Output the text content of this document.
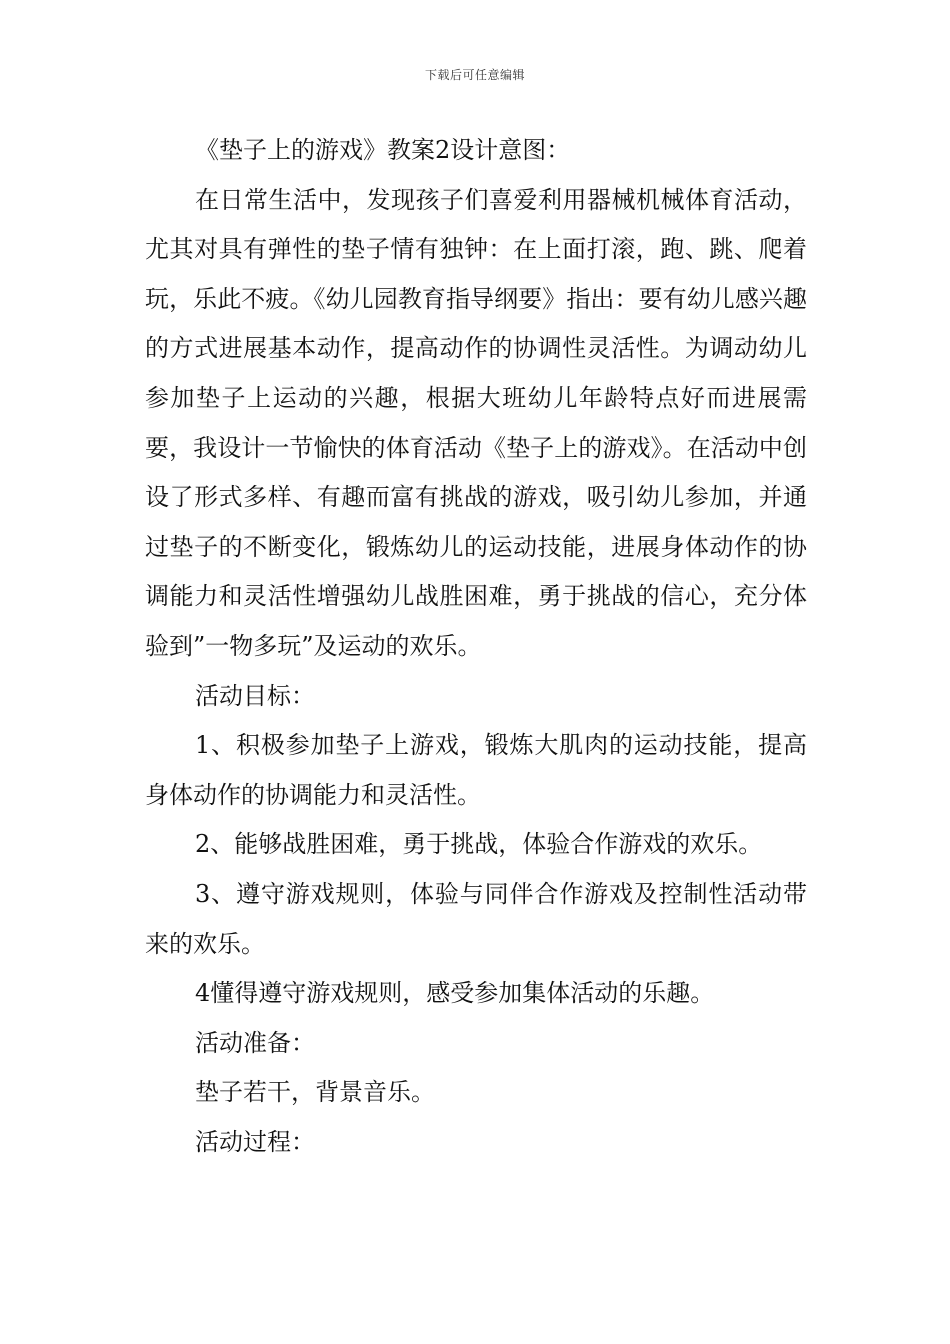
下载后可任意编辑

《垫子上的游戏》教案2设计意图：

在日常生活中，发现孩子们喜爱利用器械机械体育活动，尤其对具有弹性的垫子情有独钟：在上面打滚，跑、跳、爬着玩，乐此不疲。《幼儿园教育指导纲要》指出：要有幼儿感兴趣的方式进展基本动作，提高动作的协调性灵活性。为调动幼儿参加垫子上运动的兴趣，根据大班幼儿年龄特点好而进展需要，我设计一节愉快的体育活动《垫子上的游戏》。在活动中创设了形式多样、有趣而富有挑战的游戏，吸引幼儿参加，并通过垫子的不断变化，锻炼幼儿的运动技能，进展身体动作的协调能力和灵活性增强幼儿战胜困难，勇于挑战的信心，充分体验到”一物多玩”及运动的欢乐。

活动目标：

1、积极参加垫子上游戏，锻炼大肌肉的运动技能，提高身体动作的协调能力和灵活性。

2、能够战胜困难，勇于挑战，体验合作游戏的欢乐。

3、遵守游戏规则，体验与同伴合作游戏及控制性活动带来的欢乐。

4懂得遵守游戏规则，感受参加集体活动的乐趣。

活动准备：

垫子若干，背景音乐。

活动过程：
